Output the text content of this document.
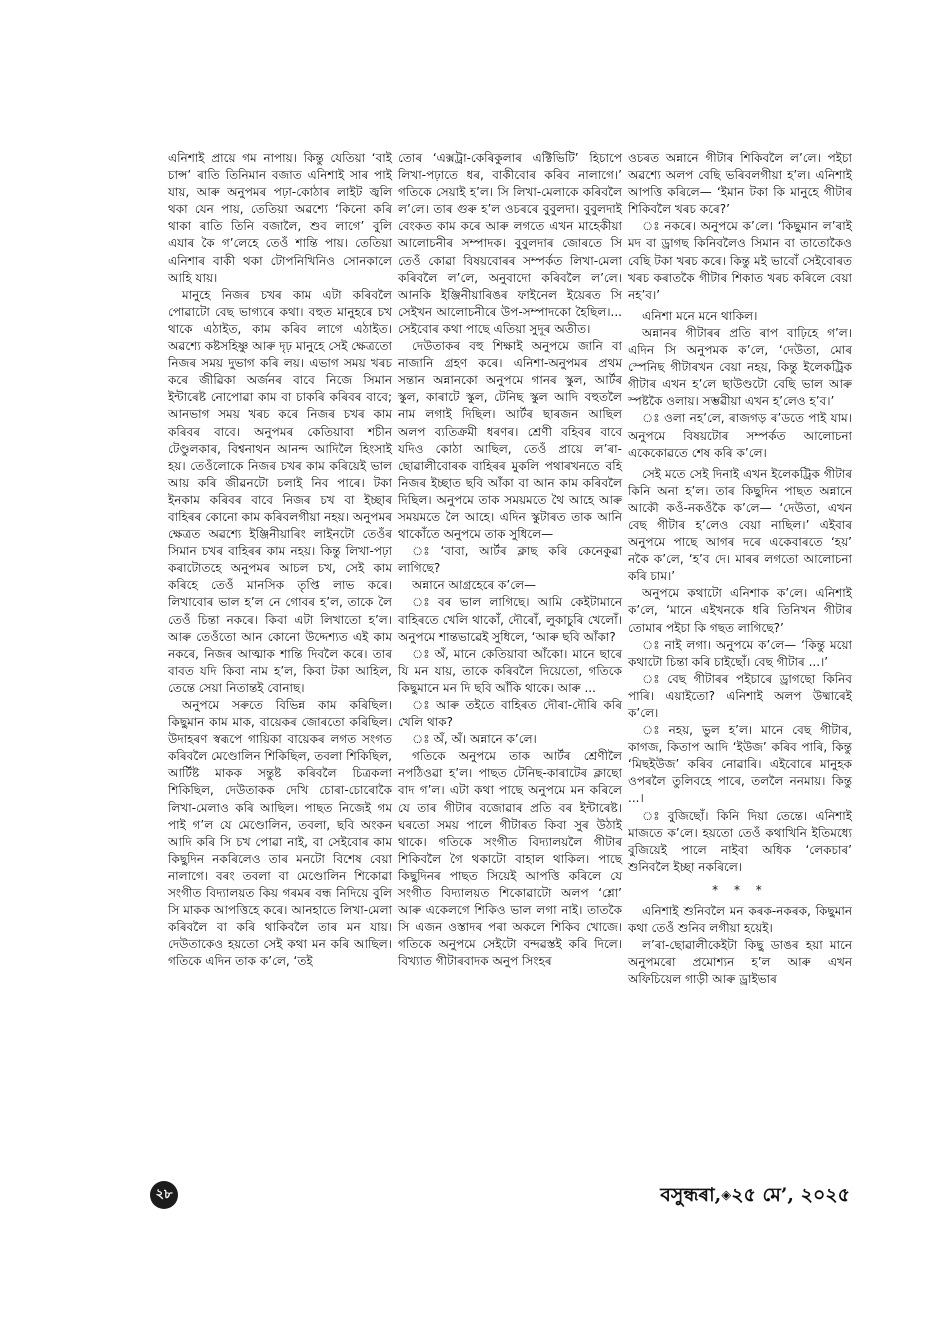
এনিশাই প্ৰায়ে গম নাপায়। কিন্তু যেতিয়া ‘বাই চান্স’ ৰাতি তিনিমান বজাত এনিশাই সাৰ পাই যায়, আৰু অনুপমৰ পঢ়া-কোঠাৰ লাইট জ্বলি থকা যেন পায়, তেতিয়া অৱশ্যে ‘কিনো কৰি থাকা ৰাতি তিনি বজালৈ, শুব লাগে’ বুলি এযাৰ কৈ গ’লেহে তেওঁ শান্তি পায়। তেতিয়া এনিশাৰ বাকী থকা টোপনিখিনিও সোনকালে আহি যায়।

মানুহে নিজৰ চখৰ কাম এটা কৰিবলৈ পোৱাটো বেছ ভাগ্যৰে কথা। বহুত মানুহৰে চখ থাকে এঠাইত, কাম কৰিব লাগে এঠাইত। অৱশ্যে কষ্টসহিষ্ণু আৰু দৃঢ় মানুহে সেই ক্ষেত্ৰতো নিজৰ সময় দুভাগ কৰি লয়। এভাগ সময় খৰচ কৰে জীৱিকা অৰ্জনৰ বাবে নিজে সিমান ইন্টাৰেষ্ট নোপোৱা কাম বা চাকৰি কৰিবৰ বাবে; আনভাগ সময় খৰচ কৰে নিজৰ চখৰ কাম কৰিবৰ বাবে। অনুপমৰ কেতিয়াবা শচীন টেণ্ডুলকাৰ, বিশ্বনাথন আনন্দ আদিলৈ হিংসাই হয়। তেওঁলোকে নিজৰ চখৰ কাম কৰিয়েই ভাল আয় কৰি জীৱনটো চলাই নিব পাৰে। টকা ইনকাম কৰিবৰ বাবে নিজৰ চখ বা ইচ্ছাৰ বাহিৰৰ কোনো কাম কৰিবলগীয়া নহয়। অনুপমৰ ক্ষেত্ৰত অৱশ্যে ইঞ্জিনীয়াৰিং লাইনটো তেওঁৰ সিমান চখৰ বাহিৰৰ কাম নহয়। কিন্তু লিখা-পঢ়া কৰাটোতহে অনুপমৰ আচল চখ, সেই কাম কৰিহে তেওঁ মানসিক তৃপ্তি লাভ কৰে। লিখাবোৰ ভাল হ’ল নে গোবৰ হ’ল, তাকে লৈ তেওঁ চিন্তা নকৰে। কিবা এটা লিখাতো হ’ল। আৰু তেওঁতো আন কোনো উদ্দেশ্যত এই কাম নকৰে, নিজৰ আত্মাক শান্তি দিবলৈ কৰে। তাৰ বাবত যদি কিবা নাম হ’ল, কিবা টকা আহিল, তেন্তে সেয়া নিতান্তই বোনাছ।

অনুপমে সৰুতে বিভিন্ন কাম কৰিছিল। কিছুমান কাম মাক, বায়েকৰ জোৰতো কৰিছিল। উদাহৰণ স্বৰূপে গায়িকা বায়েকৰ লগত সংগত কৰিবলৈ মেণ্ডোলিন শিকিছিল, তবলা শিকিছিল, আৰ্টিষ্ট মাকক সন্তুষ্ট কৰিবলৈ চিত্ৰকলা শিকিছিল, দেউতাকক দেখি চোৰা-চোৰোকৈ লিখা-মেলাও কৰি আছিল। পাছত নিজেই গম পাই গ’ল যে মেণ্ডোলিন, তবলা, ছবি অংকন আদি কৰি সি চখ পোৱা নাই, বা সেইবোৰ কাম কিছুদিন নকৰিলেও তাৰ মনটো বিশেষ বেয়া নালাগে। বৰং তবলা বা মেণ্ডোলিন শিকোৱা সংগীত বিদ্যালয়ত কিয় গৰমৰ বন্ধ নিদিয়ে বুলি সি মাকক আপত্তিহে কৰে। আনহাতে লিখা-মেলা কৰিবলৈ বা কৰি থাকিবলৈ তাৰ মন যায়। দেউতাকেও হয়তো সেই কথা মন কৰি আছিল। গতিকে এদিন তাক ক’লে, ‘তই

তোৰ ‘এক্সট্ৰা-কেৰিকুলাৰ এক্টিভিটি’ হিচাপে লিখা-পঢ়াতে ধৰ, বাকীবোৰ কৰিব নালাগে।’ গতিকে সেয়াই হ’ল। সি লিখা-মেলাকে কৰিবলৈ ল’লে। তাৰ গুৰু হ’ল ওচৰৰে বুবুলদা। বুবুলদাই বেংকত কাম কৰে আৰু লগতে এখন মাহেকীয়া আলোচনীৰ সম্পাদক। বুবুলদাৰ জোৰতে সি তেওঁ কোৱা বিষয়বোৰৰ সম্পৰ্কত লিখা-মেলা কৰিবলৈ ল’লে, অনুবাদো কৰিবলৈ ল’লে। আনকি ইঞ্জিনীয়াৰিঙৰ ফাইনেল ইয়েৰত সি সেইখন আলোচনীৰে উপ-সম্পাদকো হৈছিল।... সেইবোৰ কথা পাছে এতিয়া সুদূৰ অতীত।

দেউতাকৰ বহু শিক্ষাই অনুপমে জানি বা নাজানি গ্ৰহণ কৰে। এনিশা-অনুপমৰ প্ৰথম সন্তান অন্নানকো অনুপমে গানৰ স্কুল, আৰ্টৰ স্কুল, কাৰাটে স্কুল, টেনিছ স্কুল আদি বহুতলৈ নাম লগাই দিছিল। আৰ্টৰ ছাৰজন আছিল অলপ ব্যতিক্ৰমী ধৰণৰ। শ্ৰেণী বহিবৰ বাবে যদিও কোঠা আছিল, তেওঁ প্ৰায়ে ল’ৰা-ছোৱালীবোৰক বাহিৰৰ মুকলি পথাৰখনতে বহি নিজৰ ইচ্ছাত ছবি আঁকা বা আন কাম কৰিবলৈ দিছিল। অনুপমে তাক সময়মতে থৈ আহে আৰু সময়মতে লৈ আহে। এদিন স্কুটাৰত তাক আনি থাকোঁতে অনুপমে তাক সুধিলে—

ঃ ‘বাবা, আৰ্টৰ ক্লাছ কৰি কেনেকুৱা লাগিছে?

অন্নানে আগ্ৰহেৰে ক’লে—

ঃ বৰ ভাল লাগিছে। আমি কেইটামানে বাহিৰতে খেলি থাকোঁ, দৌৰোঁ, লুকাচুৰি খেলোঁ। অনুপমে শান্তভাৱেই সুধিলে, ‘আৰু ছবি আঁকা?

ঃ অঁ, মানে কেতিয়াবা আঁকো। মানে ছাৰে যি মন যায়, তাকে কৰিবলৈ দিয়েতো, গতিকে কিছুমানে মন দি ছবি আঁকি থাকে। আৰু ...

ঃ আৰু তইতে বাহিৰত দৌৰা-দৌৰি কৰি খেলি থাক?

ঃ অঁ, অঁ। অন্নানে ক’লে।

গতিকে অনুপমে তাক আৰ্টৰ শ্ৰেণীলৈ নপঠিওৱা হ’ল। পাছত টেনিছ-কাৰাটেৰ ক্লাছো বাদ গ’ল। এটা কথা পাছে অনুপমে মন কৰিলে যে তাৰ গীটাৰ বজোৱাৰ প্ৰতি বৰ ইন্টাৰেষ্ট। ঘৰতো সময় পালে গীটাৰত কিবা সুৰ উঠাই থাকে। গতিকে সংগীত বিদ্যালয়লৈ গীটাৰ শিকিবলৈ গৈ থকাটো বাহাল থাকিল। পাছে কিছুদিনৰ পাছত সিয়েই আপত্তি কৰিলে যে সংগীত বিদ্যালয়ত শিকোৱাটো অলপ ‘শ্লো’ আৰু একেলগে শিকিও ভাল লগা নাই। তাতকৈ সি এজন ওস্তাদৰ পৰা অকলে শিকিব খোজে। গতিকে অনুপমে সেইটো বন্দৱস্তই কৰি দিলে। বিখ্যাত গীটাৰবাদক অনুপ সিংহৰ

ওচৰত অন্নানে গীটাৰ শিকিবলৈ ল’লে। পইচা অৱশ্যে অলপ বেছি ভৰিবলগীয়া হ’ল। এনিশাই আপত্তি কৰিলে— ‘ইমান টকা কি মানুহে গীটাৰ শিকিবলৈ খৰচ কৰে?’

ঃ নকৰে। অনুপমে ক’লে। ‘কিছুমান ল’ৰাই মদ বা ড্ৰাগছ কিনিবলৈও সিমান বা তাতোকৈও বেছি টকা খৰচ কৰে। কিন্তু মই ভাবোঁ সেইবোৰত খৰচ কৰাতকৈ গীটাৰ শিকাত খৰচ কৰিলে বেয়া নহ’ব।’

এনিশা মনে মনে থাকিল।

অন্নানৰ গীটাৰৰ প্ৰতি ৰাপ বাঢ়িহে গ’ল। এদিন সি অনুপমক ক’লে, ‘দেউতা, মোৰ স্পেনিছ গীটাৰখন বেয়া নহয়, কিন্তু ইলেকট্ৰিক গীটাৰ এখন হ’লে ছাউণ্ডটো বেছি ভাল আৰু স্পষ্টকৈ ওলায়। সম্ভৱীয়া এখন হ’লেও হ’ব।’

ঃ ওলা নহ’লে, ৰাজগড় ৰ’ডতে পাই যাম। অনুপমে বিষয়টোৰ সম্পৰ্কত আলোচনা একেকোৱতে শেষ কৰি ক’লে।

সেই মতে সেই দিনাই এখন ইলেকট্ৰিক গীটাৰ কিনি অনা হ’ল। তাৰ কিছুদিন পাছত অন্নানে আকৌ কওঁ-নকওঁকৈ ক’লে— ‘দেউতা, এখন বেছ গীটাৰ হ’লেও বেয়া নাছিল।’ এইবাৰ অনুপমে পাছে আগৰ দৰে একেবাৰতে ‘হয়’ নকৈ ক’লে, ‘হ’ব দে। মাৰৰ লগতো আলোচনা কৰি চাম।’

অনুপমে কথাটো এনিশাক ক’লে। এনিশাই ক’লে, ‘মানে এইখনকে ধৰি তিনিখন গীটাৰ তোমাৰ পইচা কি গছত লাগিছে?’

ঃ নাই লগা। অনুপমে ক’লে— ‘কিন্তু ময়ো কথাটো চিন্তা কৰি চাইছোঁ। বেছ গীটাৰ ...।’

ঃ বেছ গীটাৰৰ পইচাৰে ড্ৰাগছো কিনিব পাৰি। এয়াইতো? এনিশাই অলপ উষ্মাৰেই ক’লে।

ঃ নহয়, ভুল হ’ল। মানে বেছ গীটাৰ, কাগজ, কিতাপ আদি ‘ইউজ’ কৰিব পাৰি, কিন্তু ‘মিছইউজ’ কৰিব নোৱাৰি। এইবোৰে মানুহক ওপৰলৈ তুলিবহে পাৰে, তললৈ ননমায়। কিন্তু ...।

ঃ বুজিছোঁ। কিনি দিয়া তেন্তে। এনিশাই মাজতে ক’লে। হয়তো তেওঁ কথাখিনি ইতিমধ্যে বুজিয়েই পালে নাইবা অধিক ‘লেকচাৰ’ শুনিবলৈ ইচ্ছা নকৰিলে।

* * *

এনিশাই শুনিবলৈ মন কৰক-নকৰক, কিছুমান কথা তেওঁ শুনিব লগীয়া হয়েই।

ল’ৰা-ছোৱালীকেইটা কিছু ডাঙৰ হয়া মানে অনুপমৰো প্ৰমোশ্যন হ’ল আৰু এখন অফিচিয়েল গাড়ী আৰু ড্ৰাইভাৰ

২৮	বসুন্ধৰা,◈২৫ মে’, ২০২৫
